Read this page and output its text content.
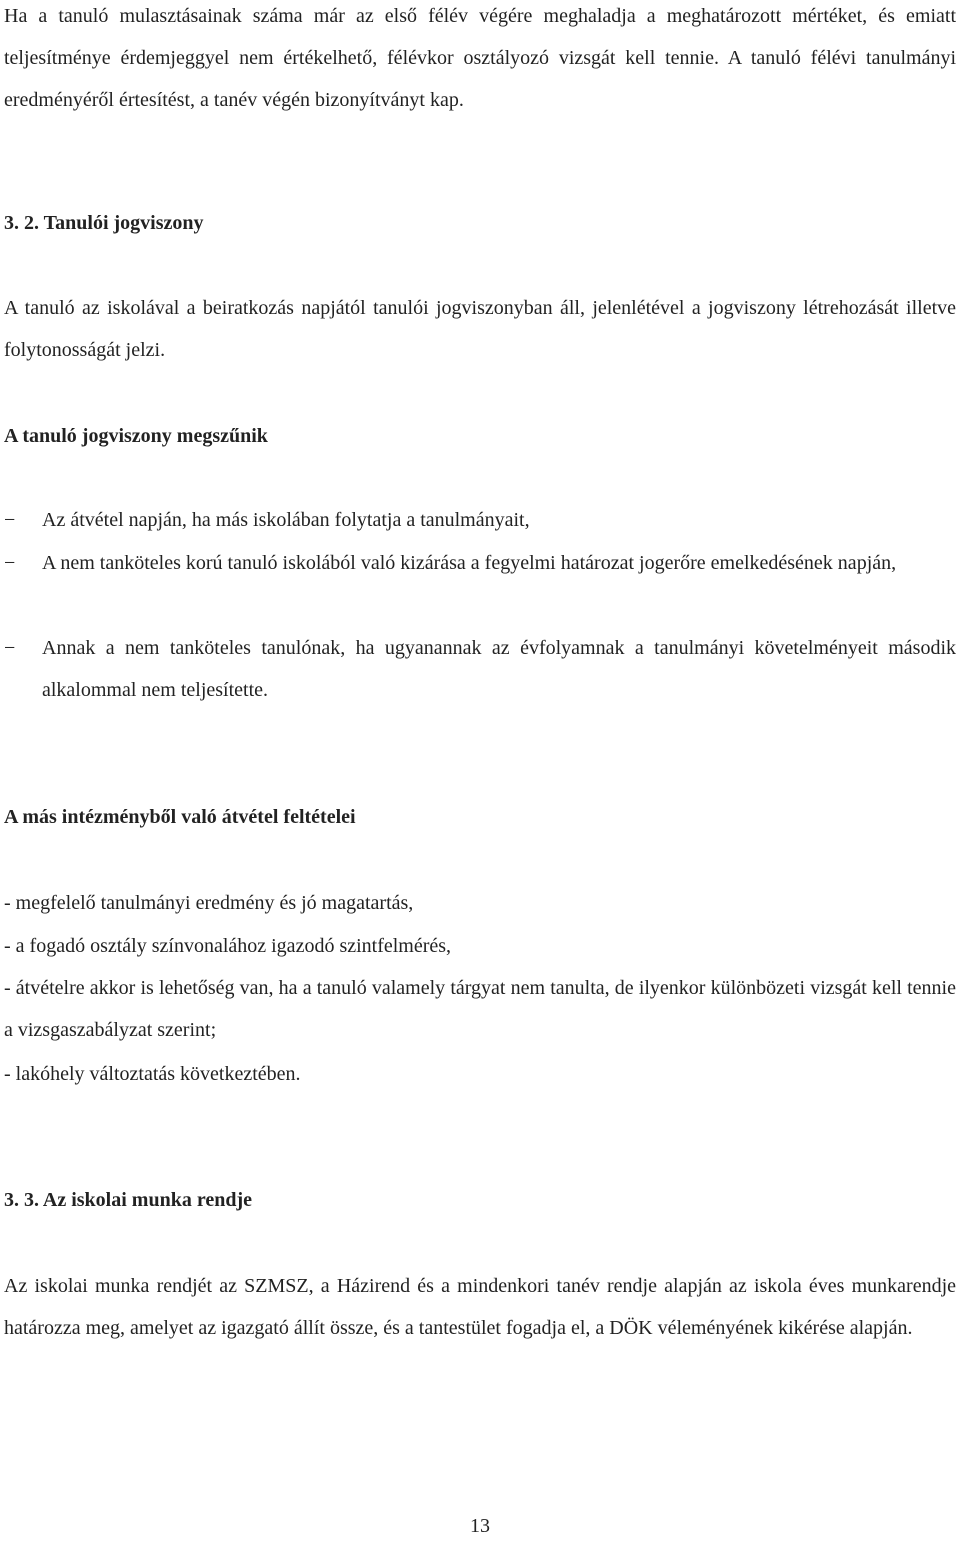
Ha a tanuló mulasztásainak száma már az első félév végére meghaladja a meghatározott mértéket, és emiatt teljesítménye érdemjeggyel nem értékelhető, félévkor osztályozó vizsgát kell tennie. A tanuló félévi tanulmányi eredményéről értesítést, a tanév végén bizonyítványt kap.
3. 2. Tanulói jogviszony
A tanuló az iskolával a beiratkozás napjától tanulói jogviszonyban áll, jelenlétével a jogviszony létrehozását illetve folytonosságát jelzi.
A tanuló jogviszony megszűnik
−	Az átvétel napján, ha más iskolában folytatja a tanulmányait,
−	A nem tanköteles korú tanuló iskolából való kizárása a fegyelmi határozat jogerőre emelkedésének napján,
−	Annak a nem tanköteles tanulónak, ha ugyanannak az évfolyamnak a tanulmányi követelményeit második alkalommal nem teljesítette.
A más intézményből való átvétel feltételei
- megfelelő tanulmányi eredmény és jó magatartás,
- a fogadó osztály színvonalához igazodó szintfelmérés,
- átvételre akkor is lehetőség van, ha a tanuló valamely tárgyat nem tanulta, de ilyenkor különbözeti vizsgát kell tennie a vizsgaszabályzat szerint;
- lakóhely változtatás következtében.
3. 3. Az iskolai munka rendje
Az iskolai munka rendjét az SZMSZ, a Házirend és a mindenkori tanév rendje alapján az iskola éves munkarendje határozza meg, amelyet az igazgató állít össze, és a tantestület fogadja el, a DÖK véleményének kikérése alapján.
13
